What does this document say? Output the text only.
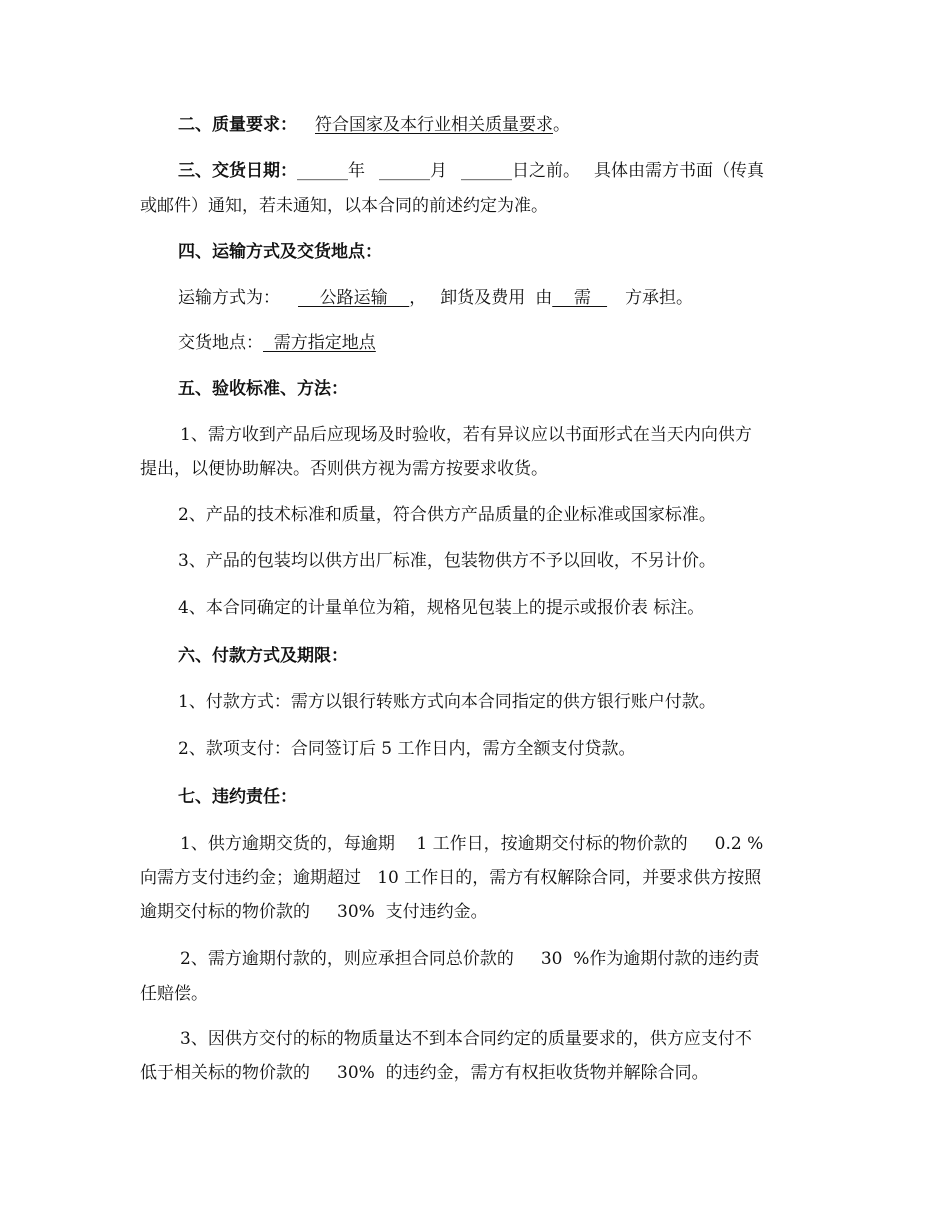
二、质量要求： 符合国家及本行业相关质量要求。
三、交货日期：______年 ______月 ______日之前。 具体由需方书面（传真
或邮件）通知，若未通知，以本合同的前述约定为准。
四、运输方式及交货地点：
运输方式为：    公路运输    ， 卸货及费用 由    需   方承担。
交货地点：  需方指定地点
五、验收标准、方法：
1、需方收到产品后应现场及时验收，若有异议应以书面形式在当天内向供方
提出，以便协助解决。否则供方视为需方按要求收货。
2、产品的技术标准和质量，符合供方产品质量的企业标准或国家标准。
3、产品的包装均以供方出厂标准，包装物供方不予以回收，不另计价。
4、本合同确定的计量单位为箱，规格见包装上的提示或报价表 标注。
六、付款方式及期限：
1、付款方式：需方以银行转账方式向本合同指定的供方银行账户付款。
2、款项支付：合同签订后 5 工作日内，需方全额支付贷款。
七、违约责任：
1、供方逾期交货的，每逾期    1 工作日，按逾期交付标的物价款的     0.2 %
向需方支付违约金；逾期超过   10 工作日的，需方有权解除合同，并要求供方按照
逾期交付标的物价款的     30%  支付违约金。
2、需方逾期付款的，则应承担合同总价款的     30  %作为逾期付款的违约责
任赔偿。
3、因供方交付的标的物质量达不到本合同约定的质量要求的，供方应支付不
低于相关标的物价款的     30%  的违约金，需方有权拒收货物并解除合同。
